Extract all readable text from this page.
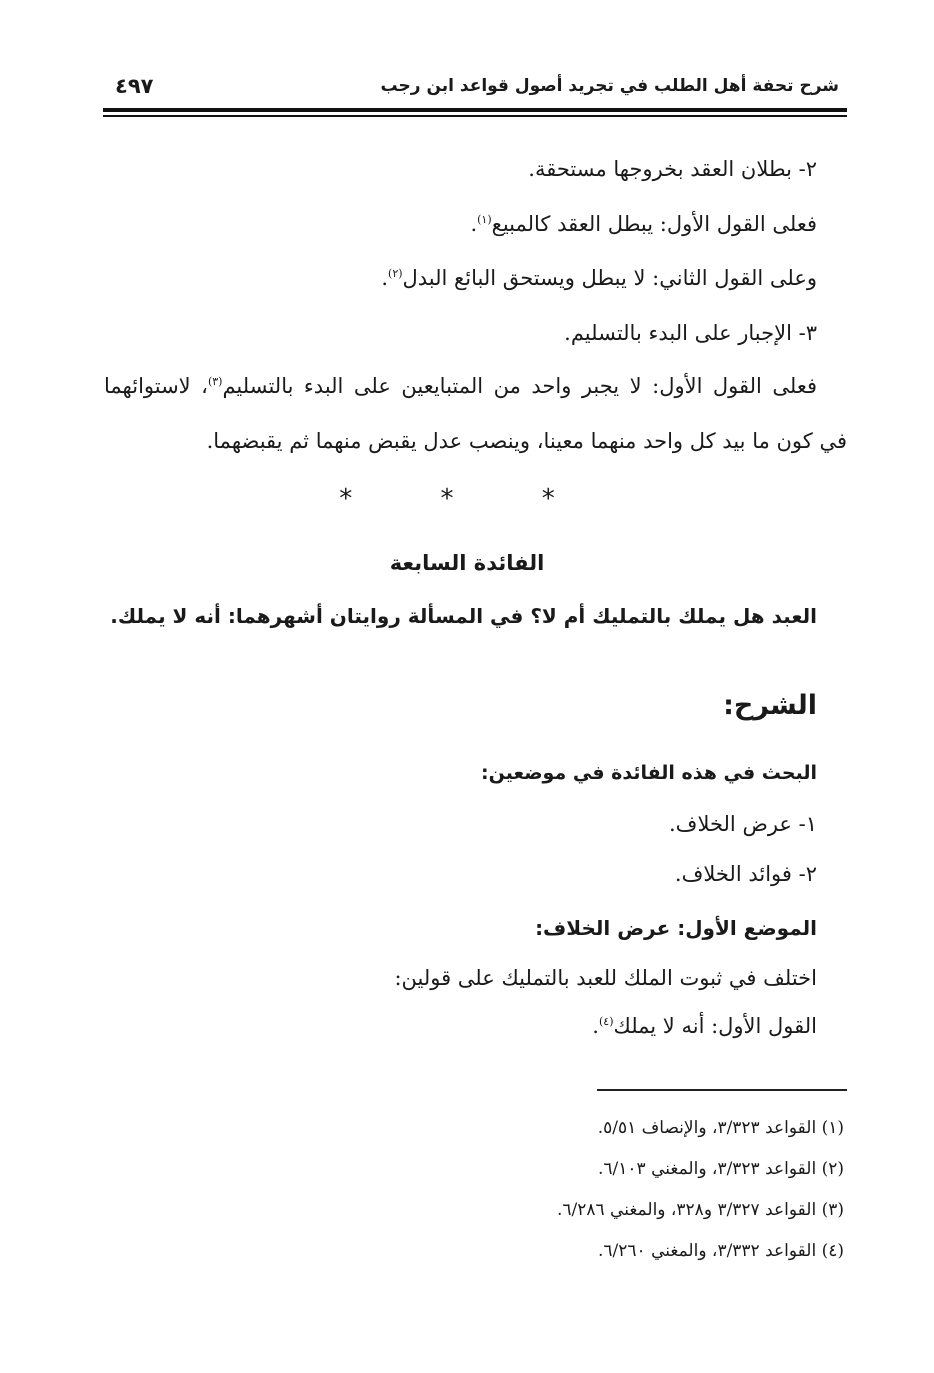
شرح تحفة أهل الطلب في تجريد أصول قواعد ابن رجب
٤٩٧
٢- بطلان العقد بخروجها مستحقة.
فعلى القول الأول: يبطل العقد كالمبيع$^{(١)}$.
وعلى القول الثاني: لا يبطل ويستحق البائع البدل$^{(٢)}$.
٣- الإجبار على البدء بالتسليم.
فعلى القول الأول: لا يجبر واحد من المتبايعين على البدء بالتسليم$^{(٣)}$، لاستوائهما
في كون ما بيد كل واحد منهما معينا، وينصب عدل يقبض منهما ثم يقبضهما.
* * *
الفائدة السابعة
العبد هل يملك بالتمليك أم لا؟ في المسألة روايتان أشهرهما: أنه لا يملك.
الشرح:
البحث في هذه الفائدة في موضعين:
١- عرض الخلاف.
٢- فوائد الخلاف.
الموضع الأول: عرض الخلاف:
اختلف في ثبوت الملك للعبد بالتمليك على قولين:
القول الأول: أنه لا يملك$^{(٤)}$.
(١) القواعد ٣/٣٢٣، والإنصاف ٥/٥١.
(٢) القواعد ٣/٣٢٣، والمغني ٦/١٠٣.
(٣) القواعد ٣/٣٢٧ و٣٢٨، والمغني ٦/٢٨٦.
(٤) القواعد ٣/٣٣٢، والمغني ٦/٢٦٠.
